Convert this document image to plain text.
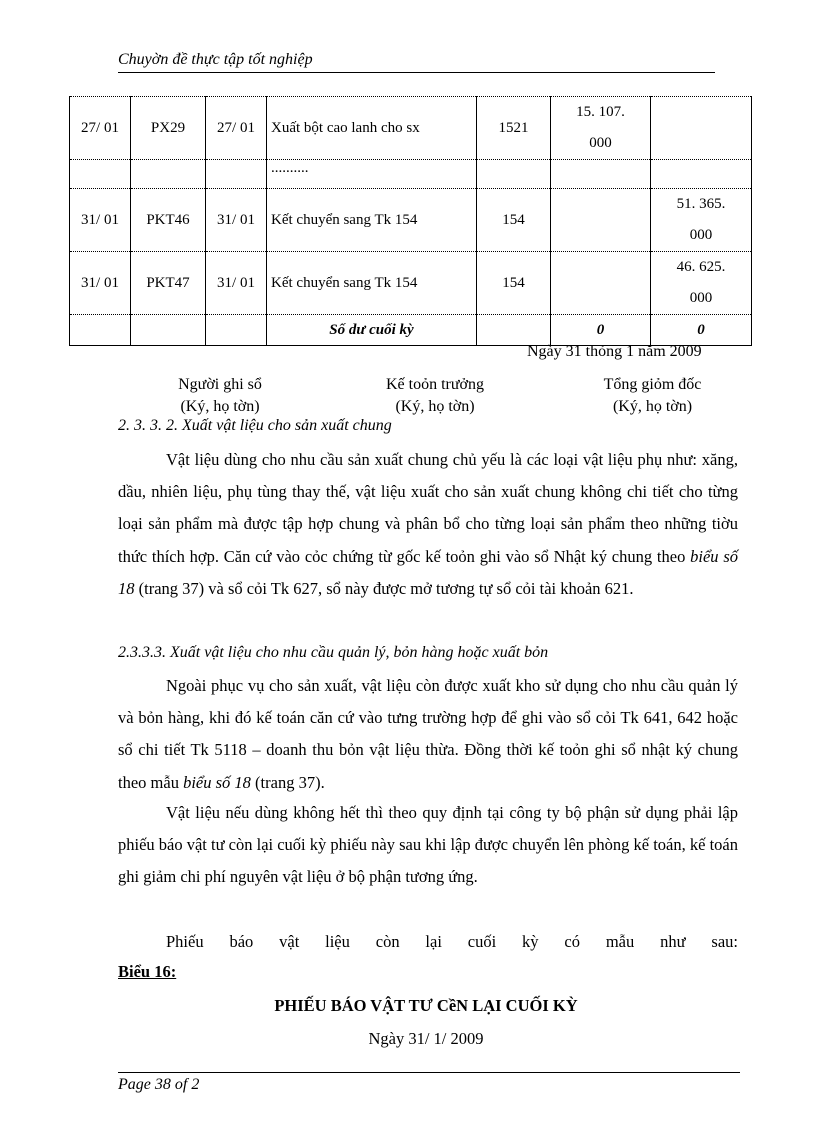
Chuyờn đề thực tập tốt nghiệp
27/ 01	PX29	27/ 01	Xuất bột cao lanh cho sx	1521	15. 107.
000	

			..........			
31/ 01	PKT46	31/ 01	Kết chuyển sang Tk 154	154		51. 365.
000
31/ 01	PKT47	31/ 01	Kết chuyển sang Tk 154	154		46. 625.
000
			Số dư cuối kỳ		0	0
Ngày 31 thỏng 1 năm 2009
Người ghi sổ
(Ký, họ tờn)
Kế toỏn trưởng
(Ký, họ tờn)
Tổng giỏm đốc
(Ký, họ tờn)
2. 3. 3. 2. Xuất vật liệu cho sản xuất chung

Vật liệu dùng cho nhu cầu sản xuất chung chủ yếu là các loại vật liệu phụ như: xăng, dầu, nhiên liệu, phụ tùng thay thế, vật liệu xuất cho sản xuất chung không chi tiết cho từng loại sản phẩm mà được tập hợp chung và phân bổ cho từng loại sản phẩm theo những tiờu thức thích hợp. Căn cứ vào cỏc chứng từ gốc kế toỏn ghi vào sổ Nhật ký chung theo biểu số 18 (trang 37) và sổ cỏi Tk 627, sổ này được mở tương tự sổ cỏi tài khoản 621.

2.3.3.3. Xuất vật liệu cho nhu cầu quản lý, bỏn hàng hoặc xuất bỏn

Ngoài phục vụ cho sản xuất, vật liệu còn được xuất kho sử dụng cho nhu cầu quản lý và bỏn hàng, khi đó kế toán căn cứ vào tưng trường hợp để ghi vào sổ cỏi Tk 641, 642 hoặc sổ chi tiết Tk 5118 – doanh thu bỏn vật liệu thừa. Đồng thời kế toỏn ghi sổ nhật ký chung theo mẫu biểu số 18 (trang 37).

Vật liệu nếu dùng không hết thì theo quy định tại công ty bộ phận sử dụng phải lập phiếu báo vật tư còn lại cuối kỳ phiếu này sau khi lập được chuyển lên phòng kế toán, kế toán ghi giảm chi phí nguyên vật liệu ở bộ phận tương ứng.

Phiếu báo vật liệu còn lại cuối kỳ có mẫu như sau:

Biểu 16:
PHIẾU BÁO VẬT TƯ CềN LẠI CUỐI KỲ
Ngày 31/ 1/ 2009
Page 38 of 2
